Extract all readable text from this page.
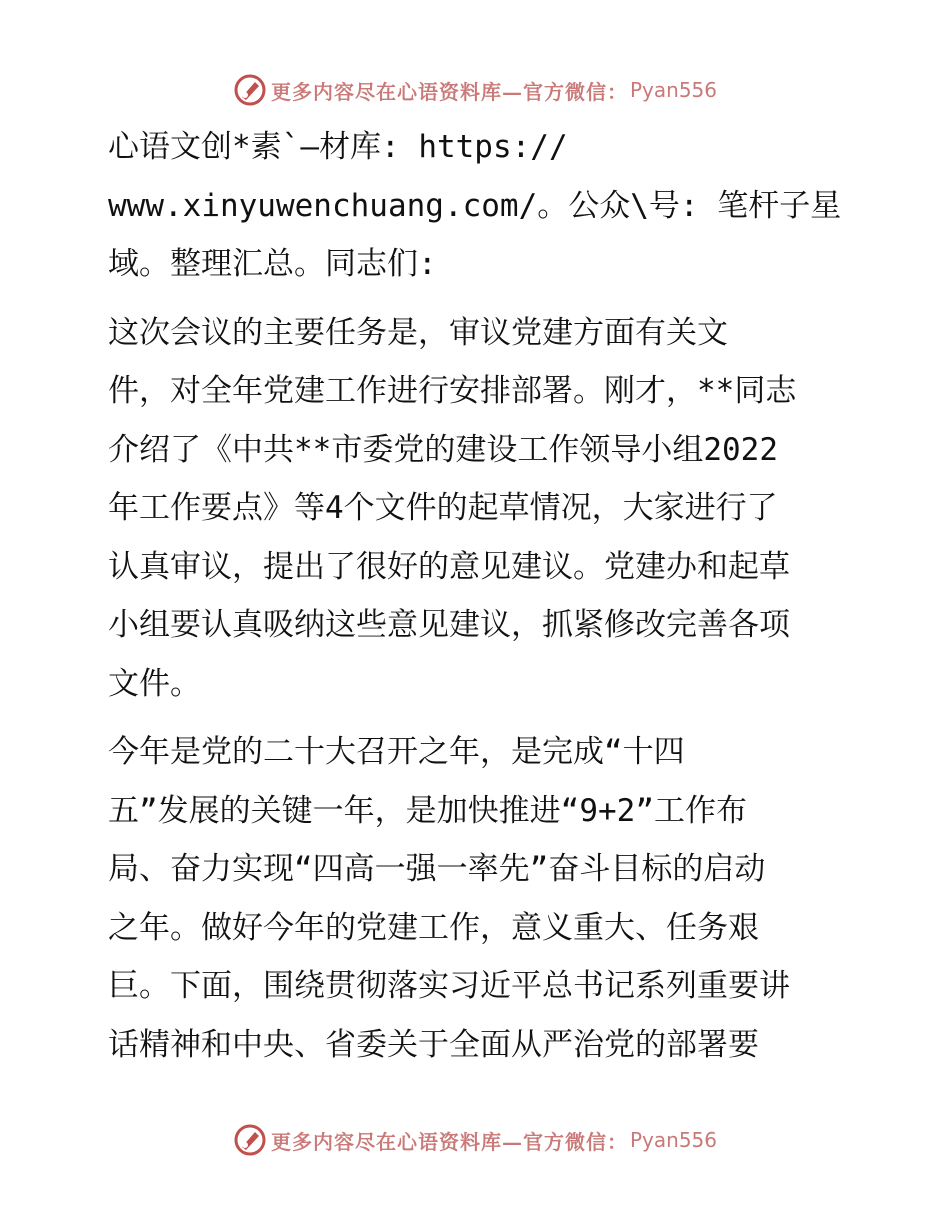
更多内容尽在心语资料库—官方微信： Pyan556

心语文创*素`—材库: https://
www.xinyuwenchuang.com/。公众\号: 笔杆子星
域。整理汇总。同志们:

这次会议的主要任务是，审议党建方面有关文
件，对全年党建工作进行安排部署。刚才，**同志
介绍了《中共**市委党的建设工作领导小组2022
年工作要点》等4个文件的起草情况，大家进行了
认真审议，提出了很好的意见建议。党建办和起草
小组要认真吸纳这些意见建议，抓紧修改完善各项
文件。

今年是党的二十大召开之年，是完成“十四
五”发展的关键一年，是加快推进“9+2”工作布
局、奋力实现“四高一强一率先”奋斗目标的启动
之年。做好今年的党建工作，意义重大、任务艰
巨。下面，围绕贯彻落实习近平总书记系列重要讲
话精神和中央、省委关于全面从严治党的部署要

更多内容尽在心语资料库—官方微信： Pyan556
